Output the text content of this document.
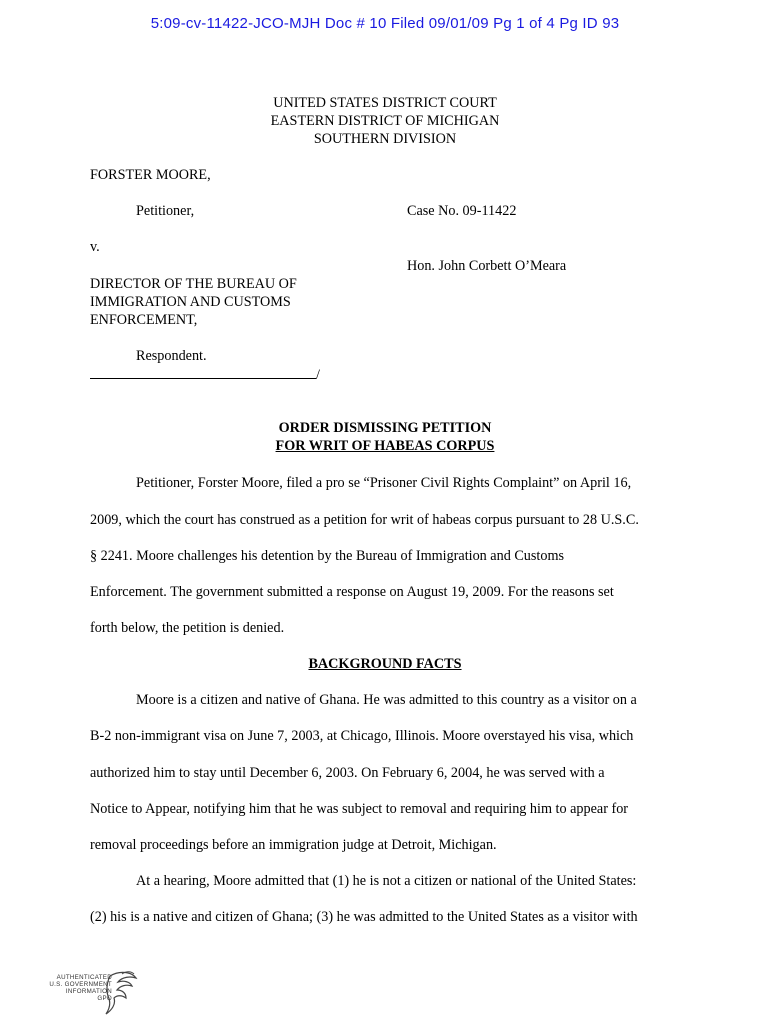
5:09-cv-11422-JCO-MJH Doc # 10 Filed 09/01/09 Pg 1 of 4 Pg ID 93
UNITED STATES DISTRICT COURT
EASTERN DISTRICT OF MICHIGAN
SOUTHERN DIVISION
FORSTER MOORE,
Petitioner,	Case No. 09-11422
v.
Hon. John Corbett O’Meara
DIRECTOR OF THE BUREAU OF
IMMIGRATION AND CUSTOMS
ENFORCEMENT,
Respondent.
/
ORDER DISMISSING PETITION
FOR WRIT OF HABEAS CORPUS
Petitioner, Forster Moore, filed a pro se “Prisoner Civil Rights Complaint” on April 16,
2009, which the court has construed as a petition for writ of habeas corpus pursuant to 28 U.S.C.
§ 2241. Moore challenges his detention by the Bureau of Immigration and Customs
Enforcement. The government submitted a response on August 19, 2009. For the reasons set
forth below, the petition is denied.
BACKGROUND FACTS
Moore is a citizen and native of Ghana. He was admitted to this country as a visitor on a
B-2 non-immigrant visa on June 7, 2003, at Chicago, Illinois. Moore overstayed his visa, which
authorized him to stay until December 6, 2003. On February 6, 2004, he was served with a
Notice to Appear, notifying him that he was subject to removal and requiring him to appear for
removal proceedings before an immigration judge at Detroit, Michigan.
At a hearing, Moore admitted that (1) he is not a citizen or national of the United States:
(2) his is a native and citizen of Ghana; (3) he was admitted to the United States as a visitor with
AUTHENTICATED
U.S. GOVERNMENT
INFORMATION
GPO
